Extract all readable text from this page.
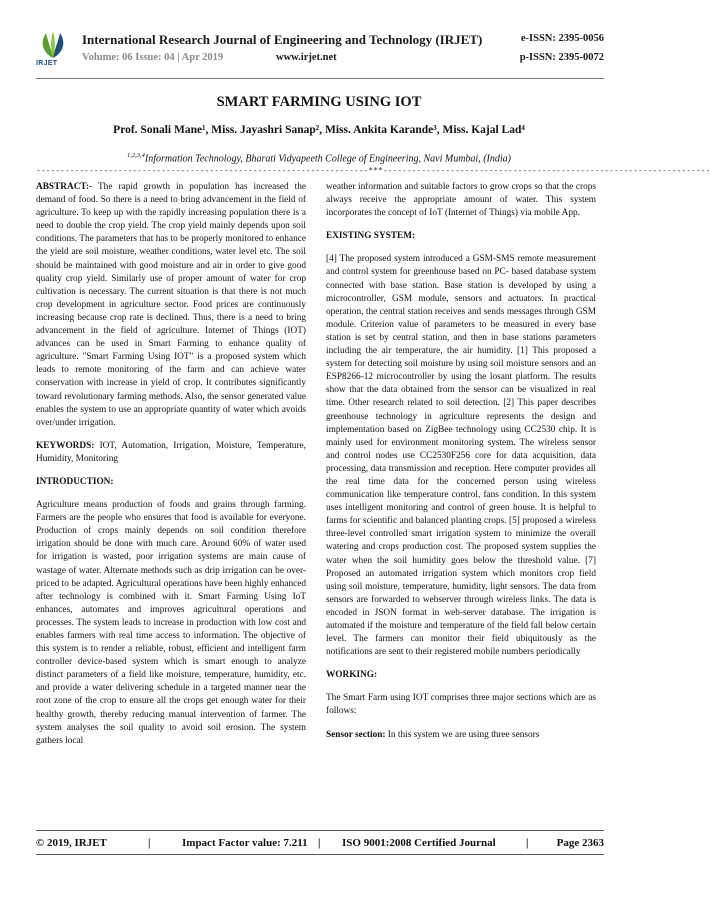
IRJET
International Research Journal of Engineering and Technology (IRJET)	e-ISSN: 2395-0056
Volume: 06 Issue: 04 | Apr 2019	www.irjet.net	p-ISSN: 2395-0072
SMART FARMING USING IOT
Prof. Sonali Mane¹, Miss. Jayashri Sanap², Miss. Ankita Karande³, Miss. Kajal Lad⁴
$^{1,2,3,4}$Information Technology, Bharati Vidyapeeth College of Engineering, Navi Mumbai, (India)
---------------------------------------------------------------------***--------------------------------------------------------------------

ABSTRACT:- The rapid growth in population has increased the demand of food. So there is a need to bring advancement in the field of agriculture. To keep up with the rapidly increasing population there is a need to double the crop yield. The crop yield mainly depends upon soil conditions. The parameters that has to be properly monitored to enhance the yield are soil moisture, weather conditions, water level etc. The soil should be maintained with good moisture and air in order to give good quality crop yield. Similarly use of proper amount of water for crop cultivation is necessary. The current situation is that there is not much crop development in agriculture sector. Food prices are continuously increasing because crop rate is declined. Thus, there is a need to bring advancement in the field of agriculture. Internet of Things (IOT) advances can be used in Smart Farming to enhance quality of agriculture. "Smart Farming Using IOT" is a proposed system which leads to remote monitoring of the farm and can achieve water conservation with increase in yield of crop. It contributes significantly toward revolutionary farming methods. Also, the sensor generated value enables the system to use an appropriate quantity of water which avoids over/under irrigation.

KEYWORDS: IOT, Automation, Irrigation, Moisture, Temperature, Humidity, Monitoring

INTRODUCTION:

Agriculture means production of foods and grains through farming. Farmers are the people who ensures that food is available for everyone. Production of crops mainly depends on soil condition therefore irrigation should be done with much care. Around 60% of water used for irrigation is wasted, poor irrigation systems are main cause of wastage of water. Alternate methods such as drip irrigation can be over-priced to be adapted. Agricultural operations have been highly enhanced after technology is combined with it. Smart Farming Using IoT enhances, automates and improves agricultural operations and processes. The system leads to increase in production with low cost and enables farmers with real time access to information. The objective of this system is to render a reliable, robust, efficient and intelligent farm controller device-based system which is smart enough to analyze distinct parameters of a field like moisture, temperature, humidity, etc. and provide a water delivering schedule in a targeted manner near the root zone of the crop to ensure all the crops get enough water for their healthy growth, thereby reducing manual intervention of farmer. The system analyses the soil quality to avoid soil erosion. The system gathers local

weather information and suitable factors to grow crops so that the crops always receive the appropriate amount of water. This system incorporates the concept of IoT (Internet of Things) via mobile App.

EXISTING SYSTEM:

[4] The proposed system introduced a GSM-SMS remote measurement and control system for greenhouse based on PC- based database system connected with base station. Base station is developed by using a microcontroller, GSM module, sensors and actuators. In practical operation, the central station receives and sends messages through GSM module. Criterion value of parameters to be measured in every base station is set by central station, and then in base stations parameters including the air temperature, the air humidity. [1] This proposed a system for detecting soil moisture by using soil moisture sensors and an ESP8266-12 microcontroller by using the losant platform. The results show that the data obtained from the sensor can be visualized in real time. Other research related to soil detection. [2] This paper describes greenhouse technology in agriculture represents the design and implementation based on ZigBee technology using CC2530 chip. It is mainly used for environment monitoring system. The wireless sensor and control nodes use CC2530F256 core for data acquisition, data processing, data transmission and reception. Here computer provides all the real time data for the concerned person using wireless communication like temperature control, fans condition. In this system uses intelligent monitoring and control of green house. It is helpful to farms for scientific and balanced planting crops. [5] proposed a wireless three-level controlled smart irrigation system to minimize the overall watering and crops production cost. The proposed system supplies the water when the soil humidity goes below the threshold value. [7] Proposed an automated irrigation system which monitors crop field using soil moisture, temperature, humidity, light sensors. The data from sensors are forwarded to webserver through wireless links. The data is encoded in JSON format in web-server database. The irrigation is automated if the moisture and temperature of the field fall below certain level. The farmers can monitor their field ubiquitously as the notifications are sent to their registered mobile numbers periodically

WORKING:

The Smart Farm using IOT comprises three major sections which are as follows:

Sensor section: In this system we are using three sensors

© 2019, IRJET	|	Impact Factor value: 7.211 | ISO 9001:2008 Certified Journal	|	Page 2363
